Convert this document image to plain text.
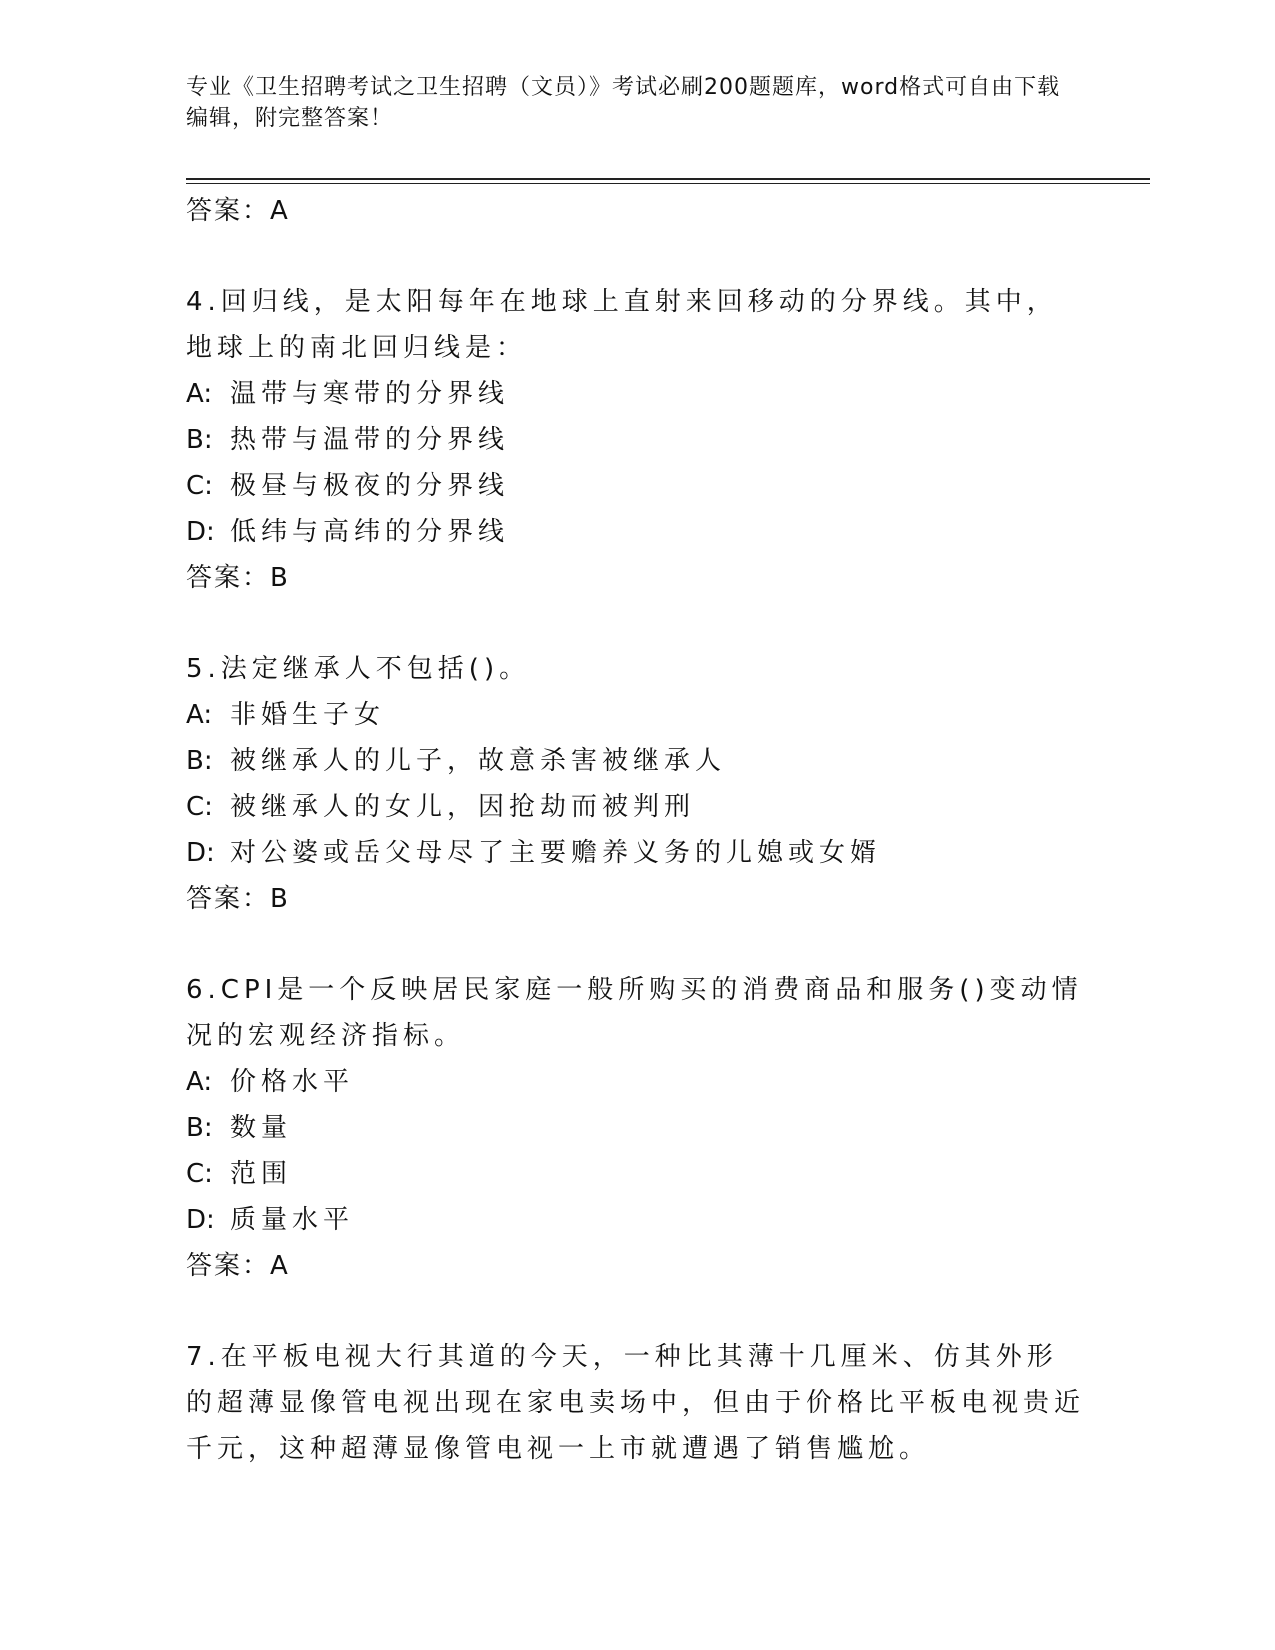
专业《卫生招聘考试之卫生招聘（文员）》考试必刷200题题库，word格式可自由下载编辑，附完整答案！
答案：A
4.回归线，是太阳每年在地球上直射来回移动的分界线。其中，地球上的南北回归线是：
A: 温带与寒带的分界线
B: 热带与温带的分界线
C: 极昼与极夜的分界线
D: 低纬与高纬的分界线
答案：B
5.法定继承人不包括()。
A: 非婚生子女
B: 被继承人的儿子，故意杀害被继承人
C: 被继承人的女儿，因抢劫而被判刑
D: 对公婆或岳父母尽了主要赡养义务的儿媳或女婿
答案：B
6.CPI是一个反映居民家庭一般所购买的消费商品和服务()变动情况的宏观经济指标。
A: 价格水平
B: 数量
C: 范围
D: 质量水平
答案：A
7.在平板电视大行其道的今天，一种比其薄十几厘米、仿其外形的超薄显像管电视出现在家电卖场中，但由于价格比平板电视贵近千元，这种超薄显像管电视一上市就遭遇了销售尴尬。
